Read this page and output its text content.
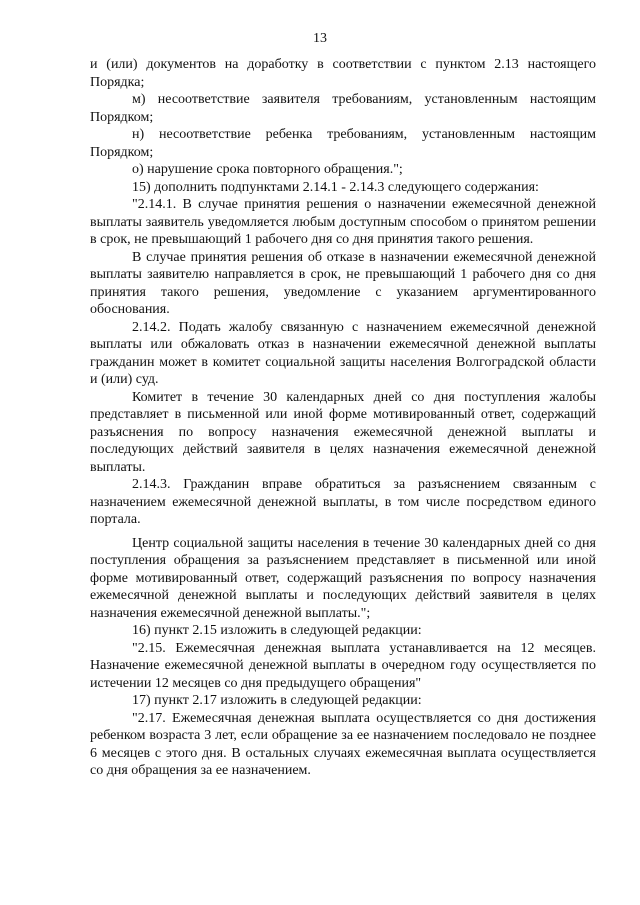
13

и (или) документов на доработку в соответствии с пунктом 2.13 настоящего Порядка;

м) несоответствие заявителя требованиям, установленным настоящим Порядком;

н) несоответствие ребенка требованиям, установленным настоящим Порядком;

о) нарушение срока повторного обращения.";

15) дополнить подпунктами 2.14.1 - 2.14.3 следующего содержания:

"2.14.1. В случае принятия решения о назначении ежемесячной денежной выплаты заявитель уведомляется любым доступным способом о принятом решении в срок, не превышающий 1 рабочего дня со дня принятия такого решения.

В случае принятия решения об отказе в назначении ежемесячной денежной выплаты заявителю направляется в срок, не превышающий 1 рабочего дня со дня принятия такого решения, уведомление с указанием аргументированного обоснования.

2.14.2. Подать жалобу связанную с назначением ежемесячной денежной выплаты или обжаловать отказ в назначении ежемесячной денежной выплаты гражданин может в комитет социальной защиты населения Волгоградской области и (или) суд.

Комитет в течение 30 календарных дней со дня поступления жалобы представляет в письменной или иной форме мотивированный ответ, содержащий разъяснения по вопросу назначения ежемесячной денежной выплаты и последующих действий заявителя в целях назначения ежемесячной денежной выплаты.

2.14.3. Гражданин вправе обратиться за разъяснением связанным с назначением ежемесячной денежной выплаты, в том числе посредством единого портала.

Центр социальной защиты населения в течение 30 календарных дней со дня поступления обращения за разъяснением представляет в письменной или иной форме мотивированный ответ, содержащий разъяснения по вопросу назначения ежемесячной денежной выплаты и последующих действий заявителя в целях назначения ежемесячной денежной выплаты.";

16) пункт 2.15 изложить в следующей редакции:

"2.15. Ежемесячная денежная выплата устанавливается на 12 месяцев. Назначение ежемесячной денежной выплаты в очередном году осуществляется по истечении 12 месяцев со дня предыдущего обращения"

17) пункт 2.17 изложить в следующей редакции:

"2.17. Ежемесячная денежная выплата осуществляется со дня достижения ребенком возраста 3 лет, если обращение за ее назначением последовало не позднее 6 месяцев с этого дня. В остальных случаях ежемесячная выплата осуществляется со дня обращения за ее назначением.
